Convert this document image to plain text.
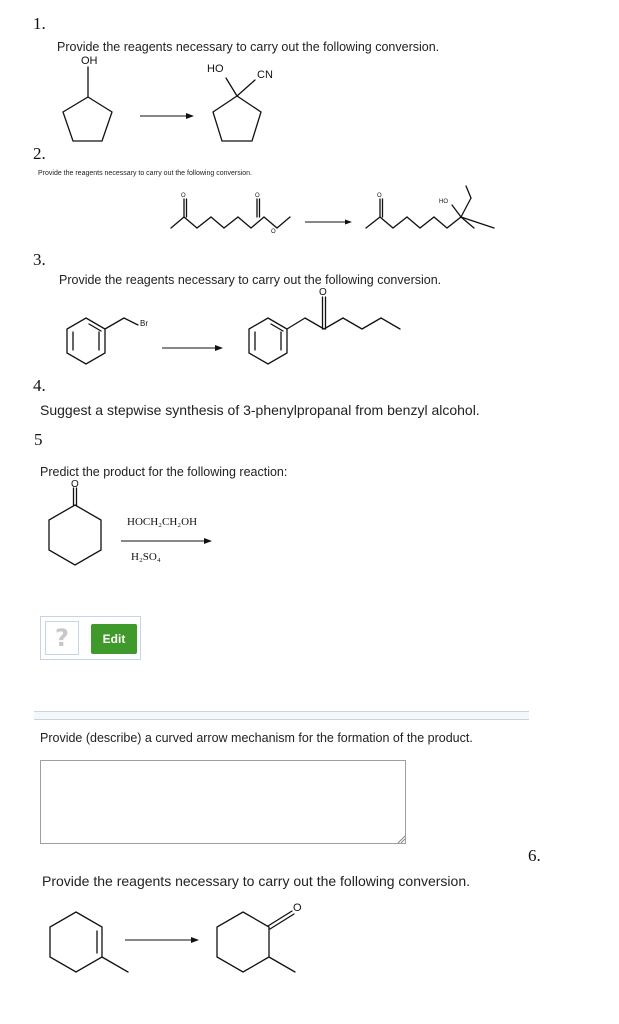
1.
Provide the reagents necessary to carry out the following conversion.
OH
HO	CN
2.
Provide the reagents necessary to carry out the following conversion.
O	O
O
O
HO
3.
Provide the reagents necessary to carry out the following conversion.
Br
O
4.
Suggest a stepwise synthesis of 3-phenylpropanal from benzyl alcohol.
5
Predict the product for the following reaction:
O
HOCH₂CH₂OH
H₂SO₄
?	Edit
Provide (describe) a curved arrow mechanism for the formation of the product.
6.
Provide the reagents necessary to carry out the following conversion.
O
